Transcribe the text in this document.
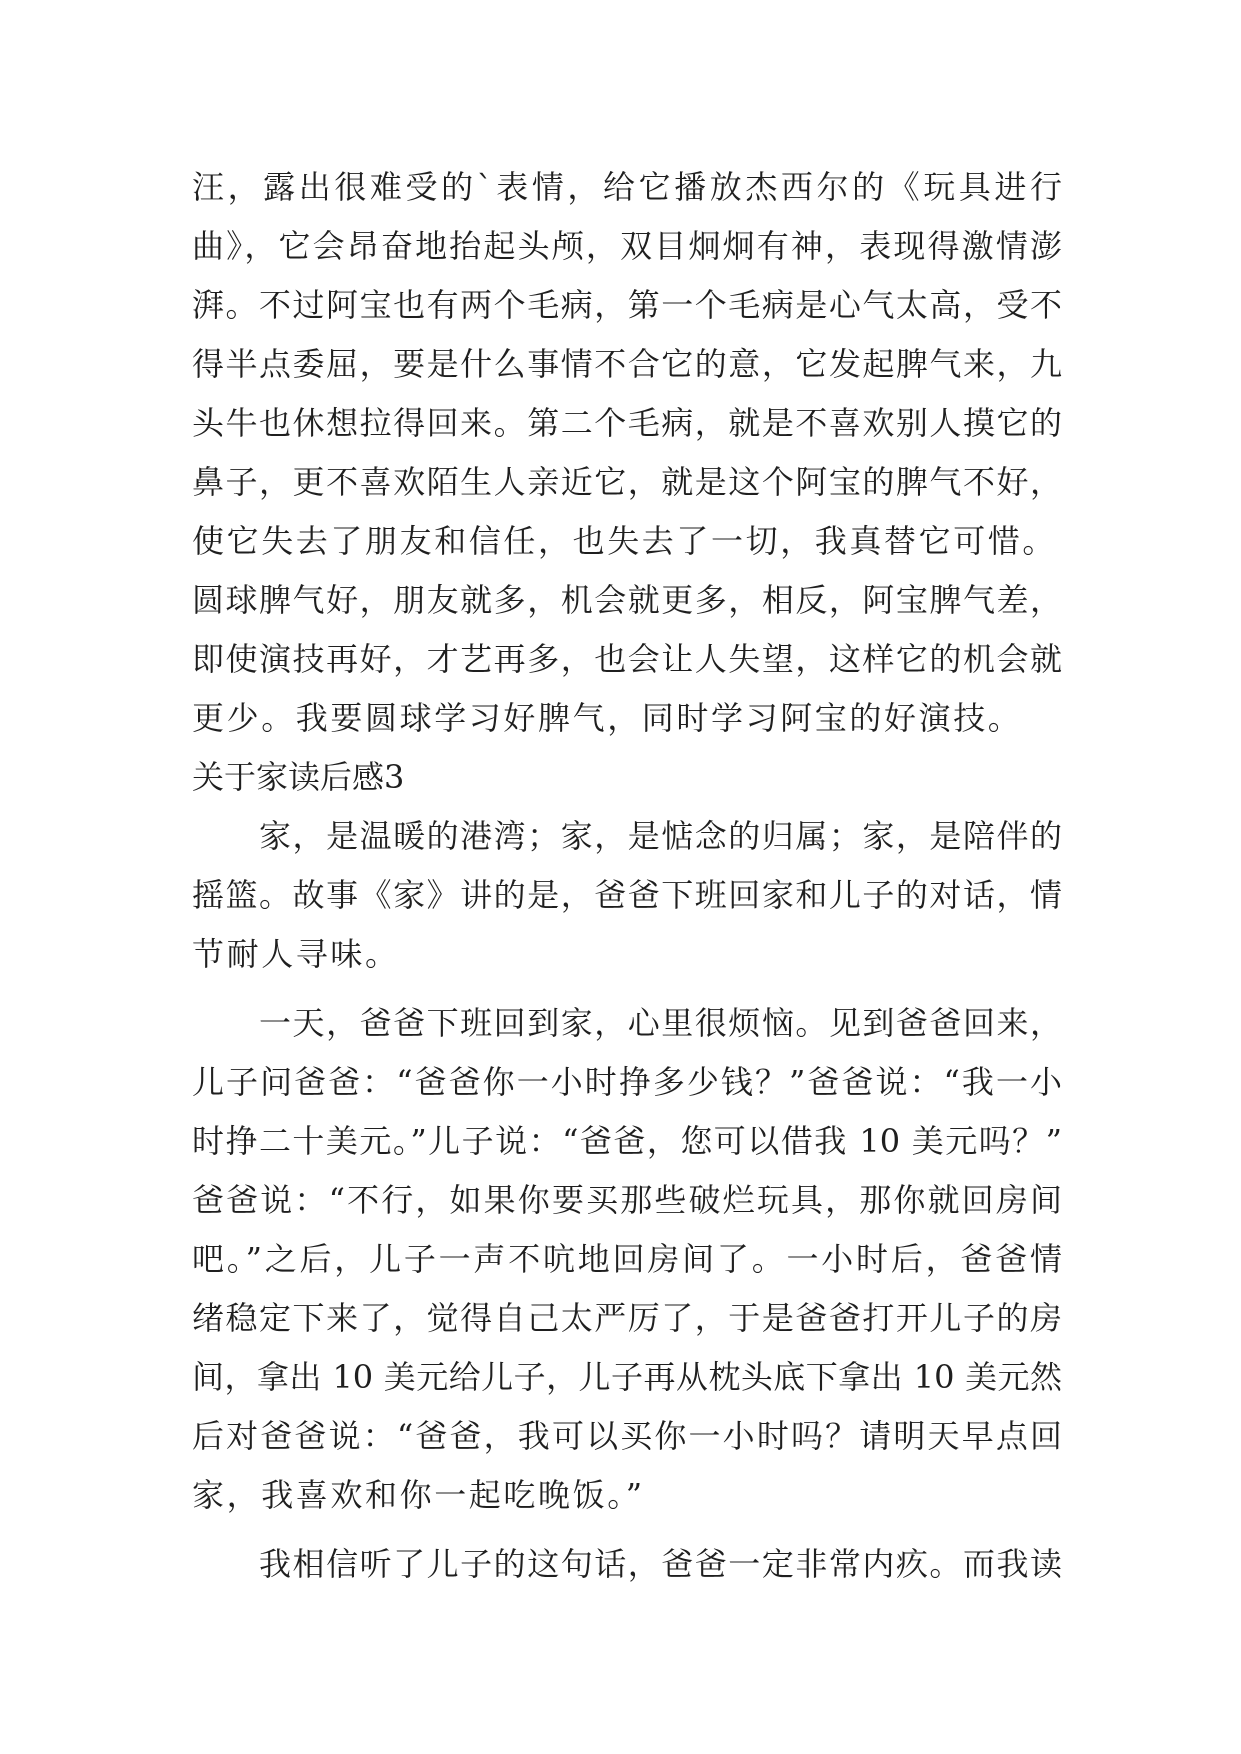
汪，露出很难受的`表情，给它播放杰西尔的《玩具进行
曲》，它会昂奋地抬起头颅，双目炯炯有神，表现得激情澎
湃。不过阿宝也有两个毛病，第一个毛病是心气太高，受不
得半点委屈，要是什么事情不合它的意，它发起脾气来，九
头牛也休想拉得回来。第二个毛病，就是不喜欢别人摸它的
鼻子，更不喜欢陌生人亲近它，就是这个阿宝的脾气不好，
使它失去了朋友和信任，也失去了一切，我真替它可惜。
圆球脾气好，朋友就多，机会就更多，相反，阿宝脾气差，
即使演技再好，才艺再多，也会让人失望，这样它的机会就
更少。我要圆球学习好脾气，同时学习阿宝的好演技。
关于家读后感3
　　家，是温暖的港湾；家，是惦念的归属；家，是陪伴的
摇篮。故事《家》讲的是，爸爸下班回家和儿子的对话，情
节耐人寻味。
　　一天，爸爸下班回到家，心里很烦恼。见到爸爸回来，
儿子问爸爸：“爸爸你一小时挣多少钱？”爸爸说：“我一小
时挣二十美元。”儿子说：“爸爸，您可以借我 10 美元吗？”
爸爸说：“不行，如果你要买那些破烂玩具，那你就回房间
吧。”之后，儿子一声不吭地回房间了。一小时后，爸爸情
绪稳定下来了，觉得自己太严厉了，于是爸爸打开儿子的房
间，拿出 10 美元给儿子，儿子再从枕头底下拿出 10 美元然
后对爸爸说：“爸爸，我可以买你一小时吗？请明天早点回
家，我喜欢和你一起吃晚饭。”
　　我相信听了儿子的这句话，爸爸一定非常内疚。而我读
